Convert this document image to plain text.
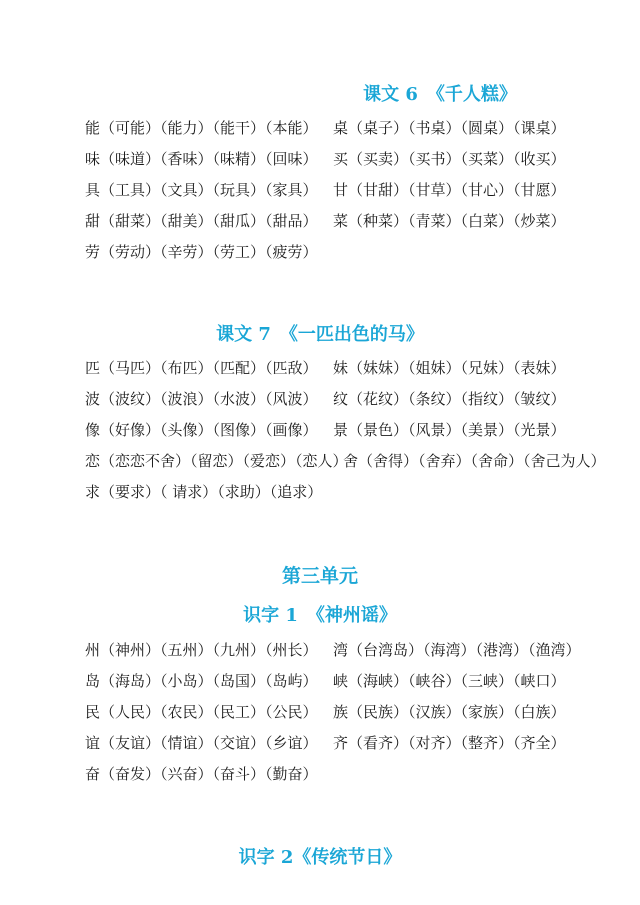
课文 6　《千人糕》
能（可能）（能力）（能干）（本能） 桌（桌子）（书桌）（圆桌）（课桌）
味（味道）（香味）（味精）（回味） 买（买卖）（买书）（买菜）（收买）
具（工具）（文具）（玩具）（家具） 甘（甘甜）（甘草）（甘心）（甘愿）
甜（甜菜）（甜美）（甜瓜）（甜品） 菜（种菜）（青菜）（白菜）（炒菜）
劳（劳动）（辛劳）（劳工）（疲劳）
课文 7　《一匹出色的马》
匹（马匹）（布匹）（匹配）（匹敌） 妹（妹妹）（姐妹）（兄妹）（表妹）
波（波纹）（波浪）（水波）（风波） 纹（花纹）（条纹）（指纹）（皱纹）
像（好像）（头像）（图像）（画像） 景（景色）（风景）（美景）（光景）
恋（恋恋不舍）（留恋）（爱恋）（恋人）
舍（舍得）（舍弃）（舍命）（舍己为人）
求（要求）（ 请求）（求助）（追求）
第三单元
识字 1　《神州谣》
州（神州）（五州）（九州）（州长） 湾（台湾岛）（海湾）（港湾）（渔湾）
岛（海岛）（小岛）（岛国）（岛屿） 峡（海峡）（峡谷）（三峡）（峡口）
民（人民）（农民）（民工）（公民） 族（民族）（汉族）（家族）（白族）
谊（友谊）（情谊）（交谊）（乡谊） 齐（看齐）（对齐）（整齐）（齐全）
奋（奋发）（兴奋）（奋斗）（勤奋）
识字 2《传统节日》
